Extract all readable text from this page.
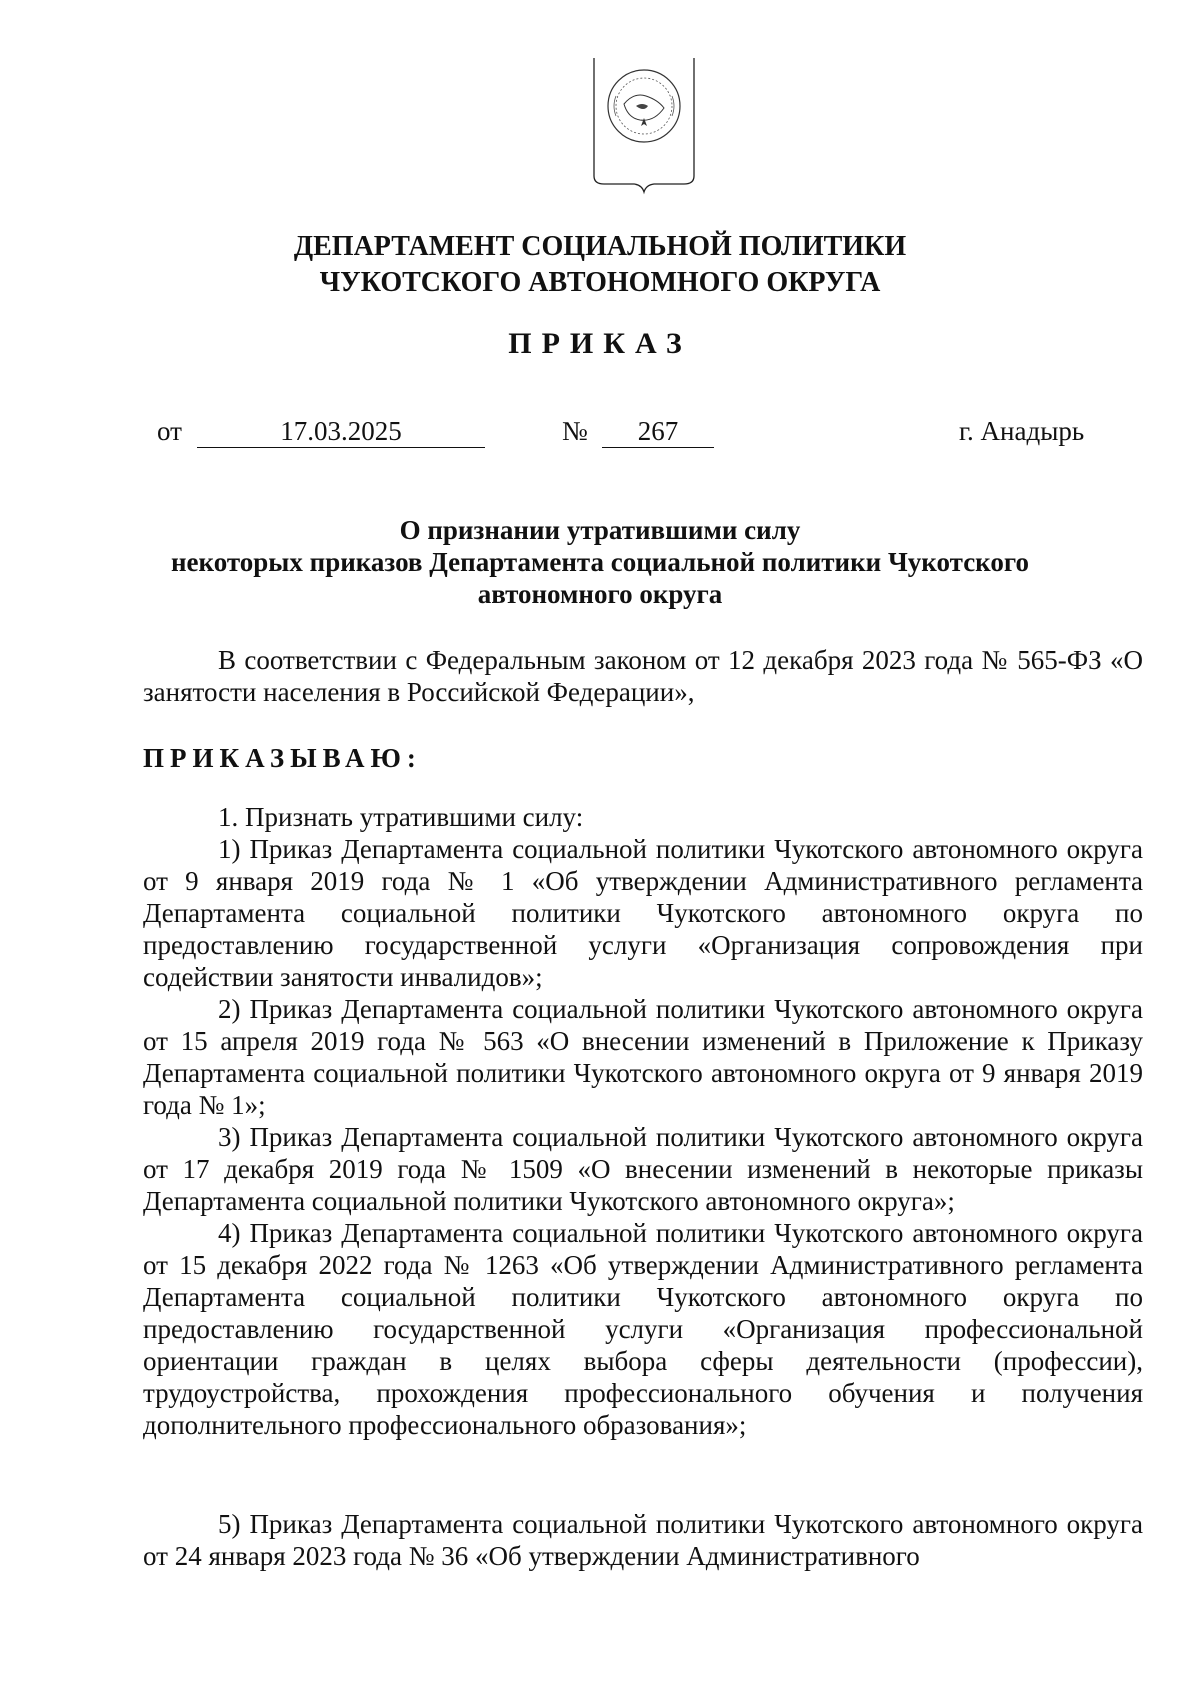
ДЕПАРТАМЕНТ СОЦИАЛЬНОЙ ПОЛИТИКИ
ЧУКОТСКОГО АВТОНОМНОГО ОКРУГА
ПРИКАЗ
от	17.03.2025	№	267	г. Анадырь
О признании утратившими силу
некоторых приказов Департамента социальной политики Чукотского
автономного округа

В соответствии с Федеральным законом от 12 декабря 2023 года № 565-ФЗ «О занятости населения в Российской Федерации»,

ПРИКАЗЫВАЮ:

1. Признать утратившими силу:

1) Приказ Департамента социальной политики Чукотского автономного округа от 9 января 2019 года № 1 «Об утверждении Административного регламента Департамента социальной политики Чукотского автономного округа по предоставлению государственной услуги «Организация сопровождения при содействии занятости инвалидов»;

2) Приказ Департамента социальной политики Чукотского автономного округа от 15 апреля 2019 года № 563 «О внесении изменений в Приложение к Приказу Департамента социальной политики Чукотского автономного округа от 9 января 2019 года № 1»;

3) Приказ Департамента социальной политики Чукотского автономного округа от 17 декабря 2019 года № 1509 «О внесении изменений в некоторые приказы Департамента социальной политики Чукотского автономного округа»;

4) Приказ Департамента социальной политики Чукотского автономного округа от 15 декабря 2022 года № 1263 «Об утверждении Административного регламента Департамента социальной политики Чукотского автономного округа по предоставлению государственной услуги «Организация профессиональной ориентации граждан в целях выбора сферы деятельности (профессии), трудоустройства, прохождения профессионального обучения и получения дополнительного профессионального образования»;

5) Приказ Департамента социальной политики Чукотского автономного округа от 24 января 2023 года № 36 «Об утверждении Административного
